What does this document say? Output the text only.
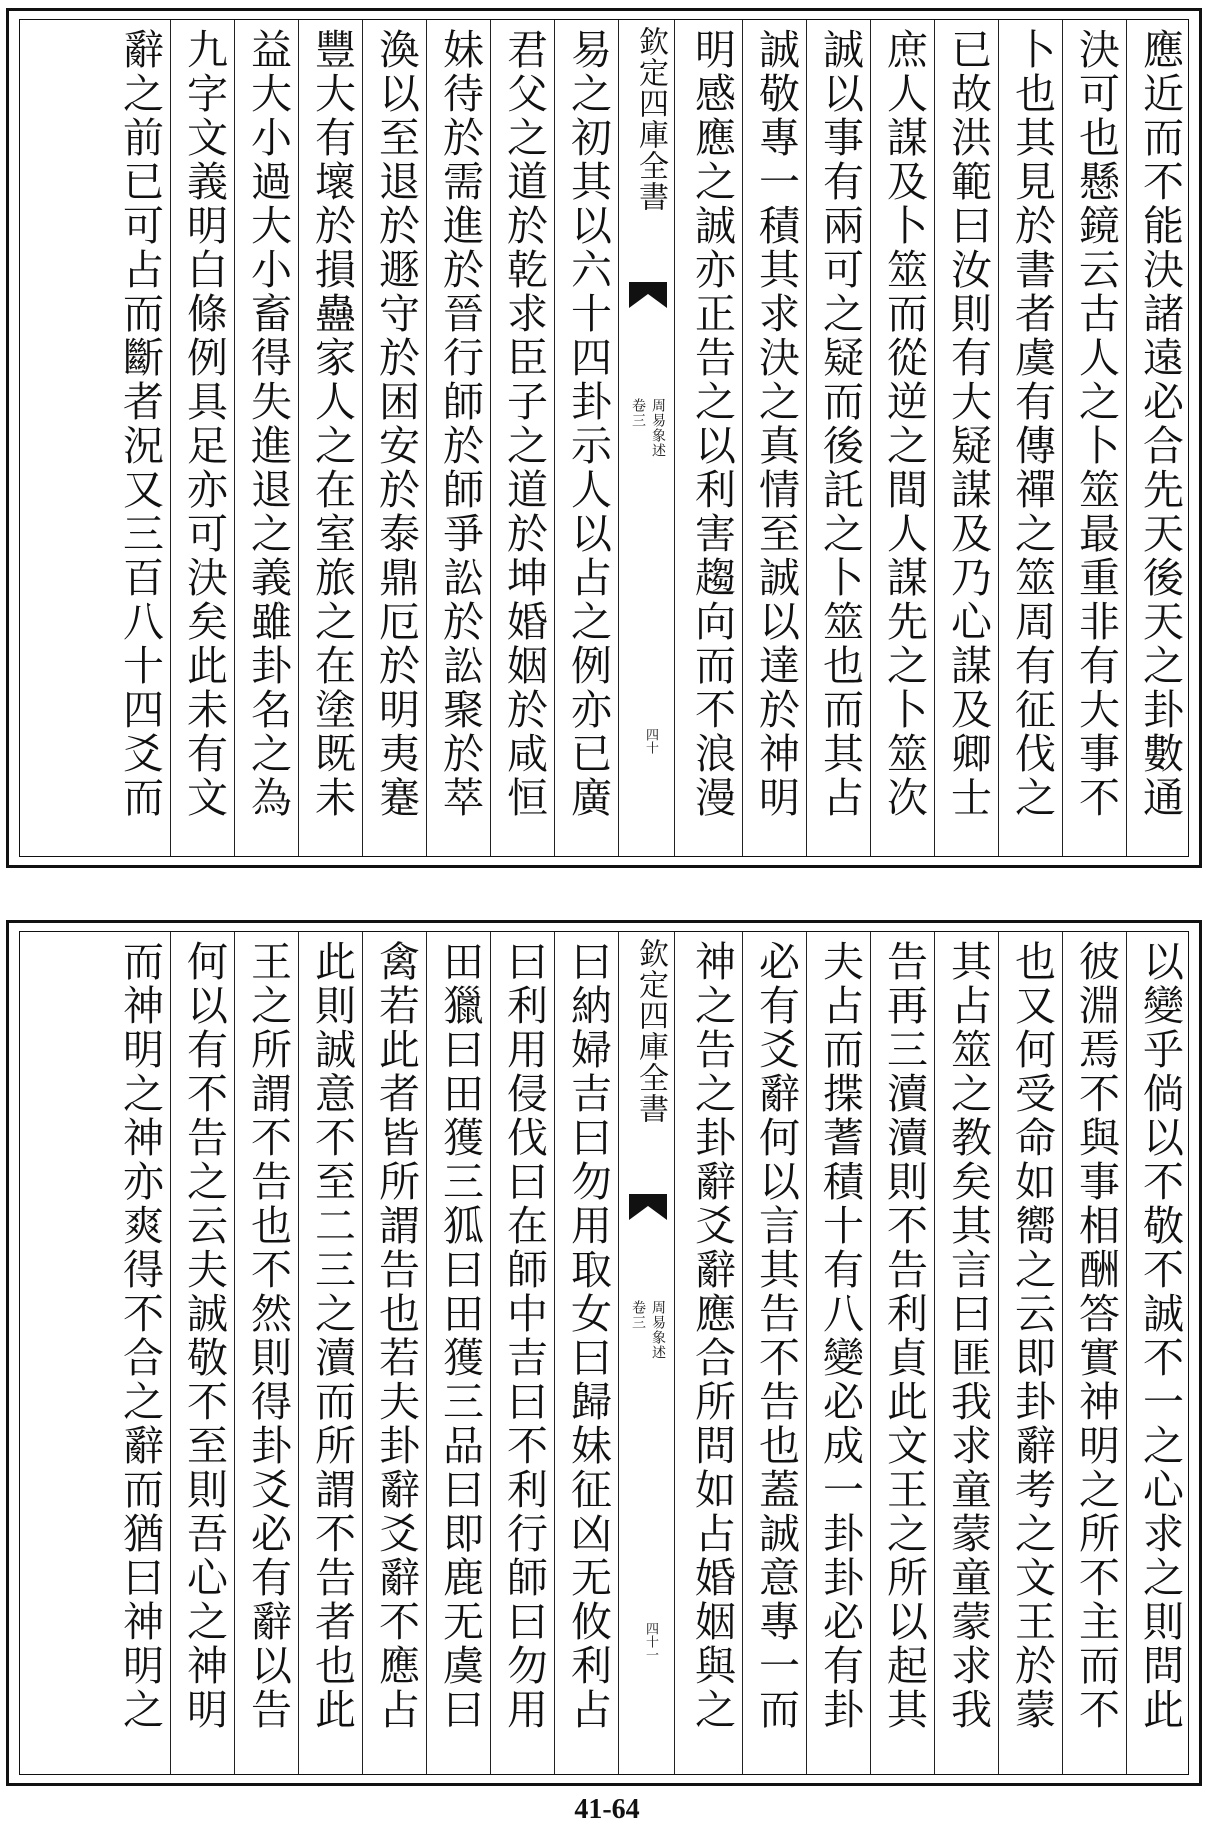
應近而不能決諸遠必合先天後天之卦數通
決可也懸鏡云古人之卜筮最重非有大事不
卜也其見於書者虞有傳禪之筮周有征伐之
已故洪範曰汝則有大疑謀及乃心謀及卿士
庶人謀及卜筮而從逆之間人謀先之卜筮次
誠以事有兩可之疑而後託之卜筮也而其占
誠敬專一積其求決之真情至誠以達於神明
明感應之誠亦正告之以利害趨向而不浪漫
欽定四庫全書
周易象述
卷三
四十
易之初其以六十四卦示人以占之例亦已廣
君父之道於乾求臣子之道於坤婚姻於咸恒
妹待於需進於晉行師於師爭訟於訟聚於萃
渙以至退於遯守於困安於泰鼎厄於明夷蹇
豐大有壞於損蠱家人之在室旅之在塗既未
益大小過大小畜得失進退之義雖卦名之為
九字文義明白條例具足亦可決矣此未有文
辭之前已可占而斷者況又三百八十四爻而
以變乎倘以不敬不誠不一之心求之則問此
彼淵焉不與事相酬答實神明之所不主而不
也又何受命如嚮之云即卦辭考之文王於蒙
其占筮之教矣其言曰匪我求童蒙童蒙求我
告再三瀆瀆則不告利貞此文王之所以起其
夫占而揲蓍積十有八變必成一卦卦必有卦
必有爻辭何以言其告不告也蓋誠意專一而
神之告之卦辭爻辭應合所問如占婚姻與之
欽定四庫全書
周易象述
卷三
四十一
曰納婦吉曰勿用取女曰歸妹征凶无攸利占
曰利用侵伐曰在師中吉曰不利行師曰勿用
田獵曰田獲三狐曰田獲三品曰即鹿无虞曰
禽若此者皆所謂告也若夫卦辭爻辭不應占
此則誠意不至二三之瀆而所謂不告者也此
王之所謂不告也不然則得卦爻必有辭以告
何以有不告之云夫誠敬不至則吾心之神明
而神明之神亦爽得不合之辭而猶曰神明之
41-64
